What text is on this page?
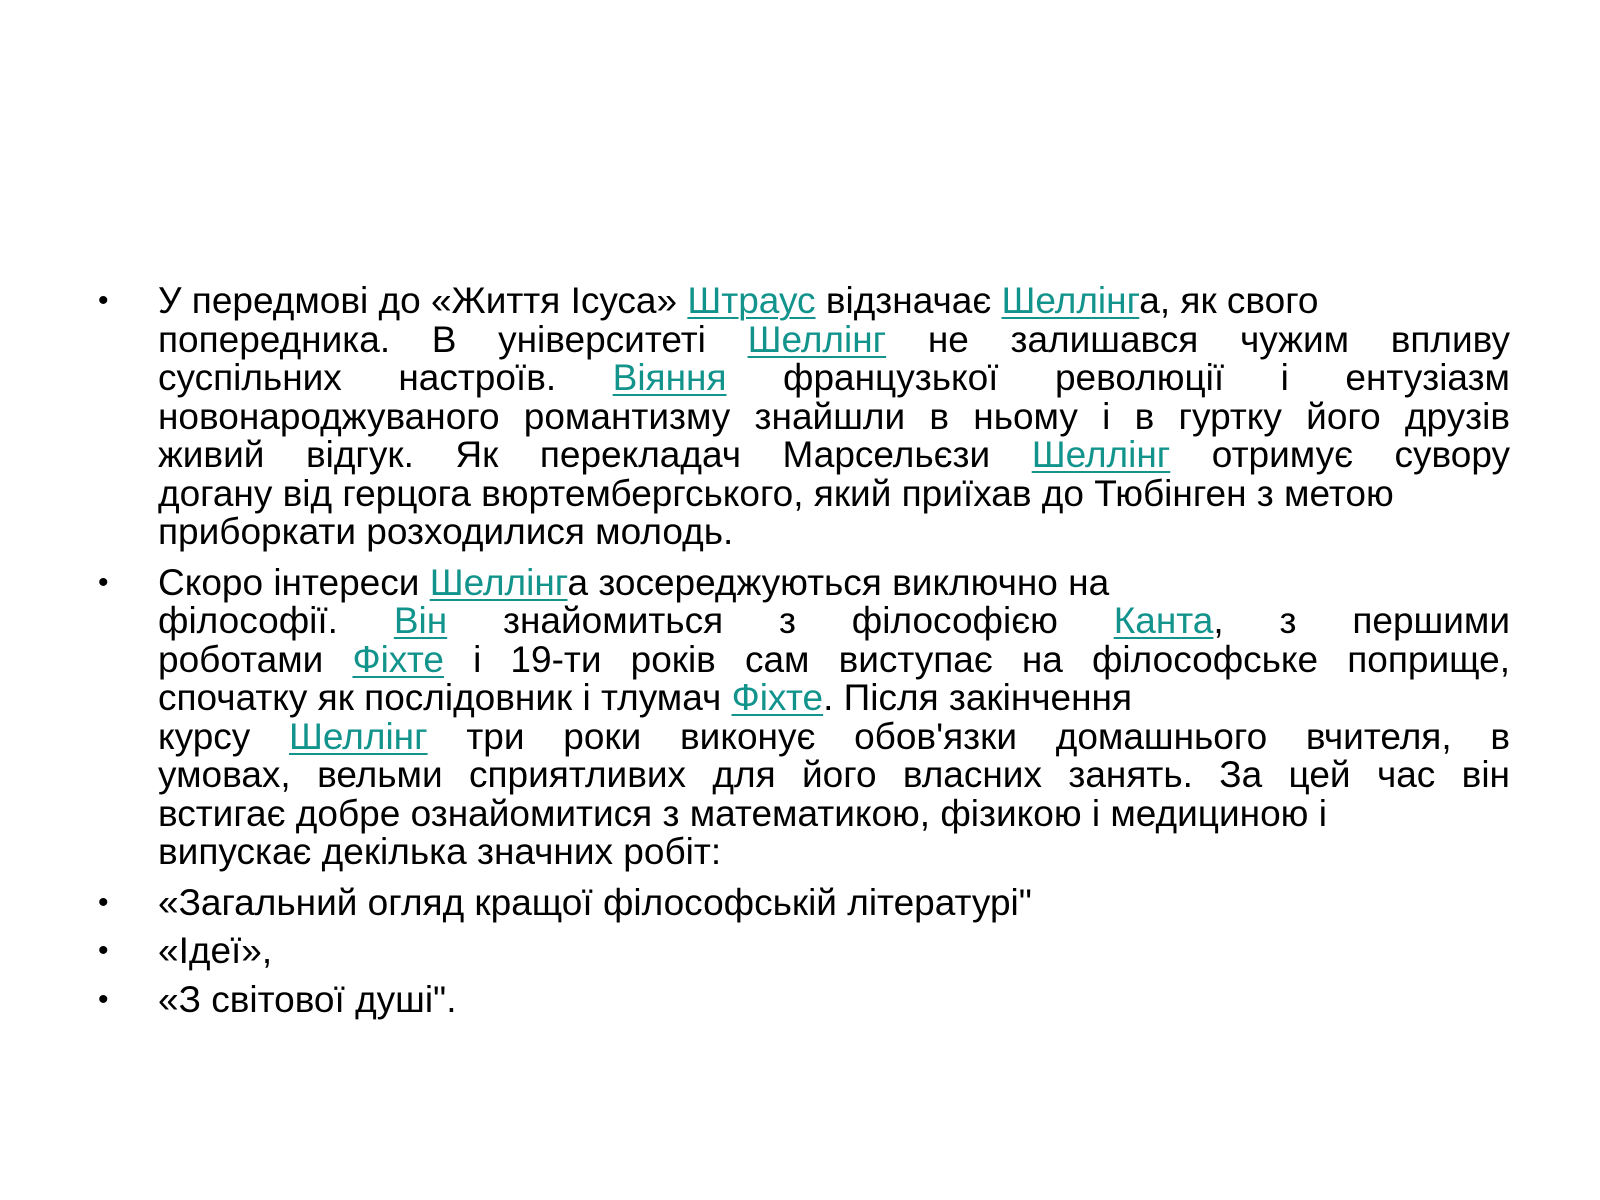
• У передмові до «Життя Ісуса» Штраус відзначає Шеллінга, як свого
попередника. В університеті Шеллінг не залишався чужим впливу
суспільних настроїв. Віяння французької революції і ентузіазм
новонароджуваного романтизму знайшли в ньому і в гуртку його друзів
живий відгук. Як перекладач Марсельєзи Шеллінг отримує сувору
догану від герцога вюртембергського, який приїхав до Тюбінген з метою
приборкати розходилися молодь.
• Скоро інтереси Шеллінга зосереджуються виключно на
філософії. Він знайомиться з філософією Канта, з першими
роботами Фіхте і 19-ти років сам виступає на філософське поприще,
спочатку як послідовник і тлумач Фіхте. Після закінчення
курсу Шеллінг три роки виконує обов'язки домашнього вчителя, в
умовах, вельми сприятливих для його власних занять. За цей час він
встигає добре ознайомитися з математикою, фізикою і медициною і
випускає декілька значних робіт:
• «Загальний огляд кращої філософській літературі"
• «Ідеї»,
• «З світової душі".
